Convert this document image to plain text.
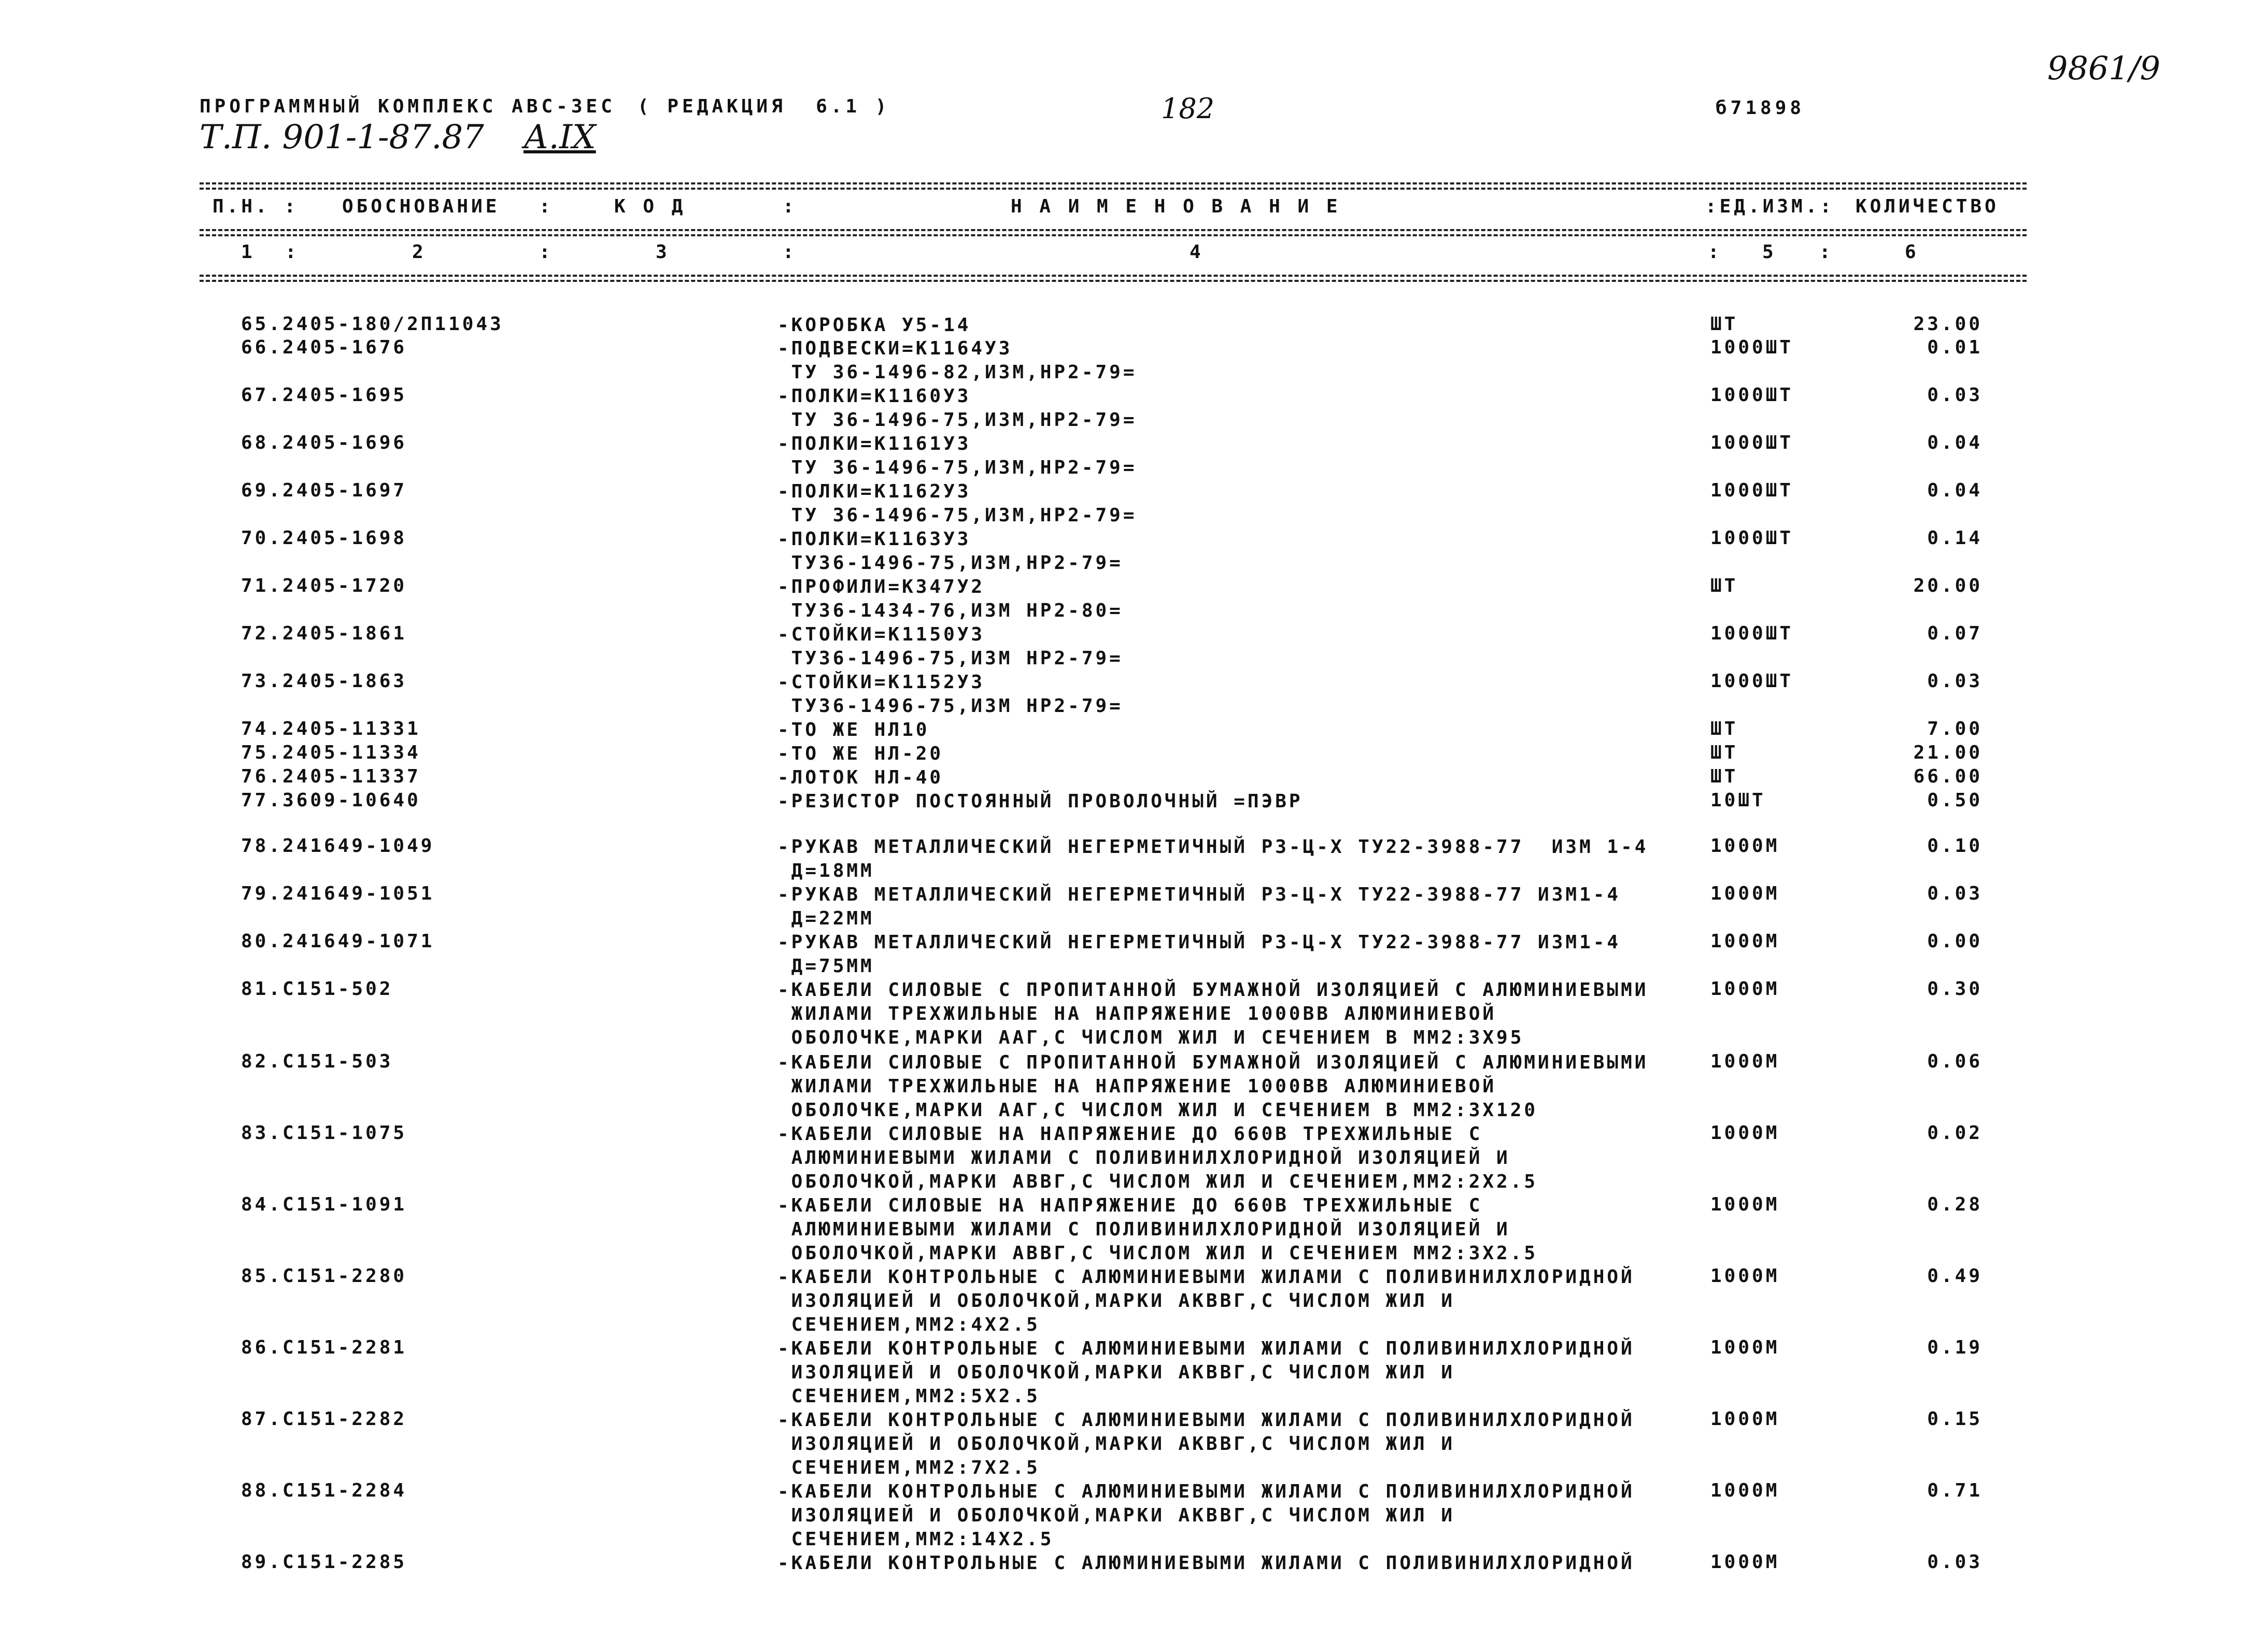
ПРОГРАММНЫЙ КОМПЛЕКС АВС-3ЕС ( РЕДАКЦИЯ  6.1 )	182	б71898
Т.П. 901-1-87.87 А.IX
9861/9
П.Н. : ОБОСНОВАНИЕ :	К О Д	:	Н А И М Е Н О В А Н И Е	:ЕД.ИЗМ.: КОЛИЧЕСТВО
1 :	2	:	3	:	4	: 5 :	6
65.2405-180/2П11043	-КОРОБКА У5-14	ШТ	23.00
66.2405-1676	-ПОДВЕСКИ=К1164У3
ТУ 36-1496-82,ИЗМ,НР2-79=
1000ШТ	0.01
67.2405-1695	-ПОЛКИ=К1160У3
ТУ 36-1496-75,ИЗМ,НР2-79=
1000ШТ	0.03
68.2405-1696	-ПОЛКИ=К1161У3
ТУ 36-1496-75,ИЗМ,НР2-79=
1000ШТ	0.04
69.2405-1697	-ПОЛКИ=К1162У3
ТУ 36-1496-75,ИЗМ,НР2-79=
1000ШТ	0.04
70.2405-1698	-ПОЛКИ=К1163У3
ТУ36-1496-75,ИЗМ,НР2-79=
1000ШТ	0.14
71.2405-1720	-ПРОФИЛИ=К347У2
ТУ36-1434-76,ИЗМ НР2-80=
ШТ	20.00
72.2405-1861	-СТОЙКИ=К1150У3
ТУ36-1496-75,ИЗМ НР2-79=
1000ШТ	0.07
73.2405-1863	-СТОЙКИ=К1152У3
ТУ36-1496-75,ИЗМ НР2-79=
1000ШТ	0.03
74.2405-11331	-ТО ЖЕ НЛ10	ШТ	7.00
75.2405-11334	-ТО ЖЕ НЛ-20	ШТ	21.00
76.2405-11337	-ЛОТОК НЛ-40	ШТ	66.00
77.3609-10640	-РЕЗИСТОР ПОСТОЯННЫЙ ПРОВОЛОЧНЫЙ =ПЭВР	10ШТ	0.50
78.241649-1049	-РУКАВ МЕТАЛЛИЧЕСКИЙ НЕГЕРМЕТИЧНЫЙ РЗ-Ц-Х ТУ22-3988-77  ИЗМ 1-4
Д=18ММ
1000М	0.10
79.241649-1051	-РУКАВ МЕТАЛЛИЧЕСКИЙ НЕГЕРМЕТИЧНЫЙ РЗ-Ц-Х ТУ22-3988-77 ИЗМ1-4
Д=22ММ
1000М	0.03
80.241649-1071	-РУКАВ МЕТАЛЛИЧЕСКИЙ НЕГЕРМЕТИЧНЫЙ РЗ-Ц-Х ТУ22-3988-77 ИЗМ1-4
Д=75ММ
1000М	0.00
81.С151-502	-КАБЕЛИ СИЛОВЫЕ С ПРОПИТАННОЙ БУМАЖНОЙ ИЗОЛЯЦИЕЙ С АЛЮМИНИЕВЫМИ
ЖИЛАМИ ТРЕХЖИЛЬНЫЕ НА НАПРЯЖЕНИЕ 1000ВВ АЛЮМИНИЕВОЙ
ОБОЛОЧКЕ,МАРКИ ААГ,С ЧИСЛОМ ЖИЛ И СЕЧЕНИЕМ В ММ2:3Х95
1000М	0.30
82.С151-503	-КАБЕЛИ СИЛОВЫЕ С ПРОПИТАННОЙ БУМАЖНОЙ ИЗОЛЯЦИЕЙ С АЛЮМИНИЕВЫМИ
ЖИЛАМИ ТРЕХЖИЛЬНЫЕ НА НАПРЯЖЕНИЕ 1000ВВ АЛЮМИНИЕВОЙ
ОБОЛОЧКЕ,МАРКИ ААГ,С ЧИСЛОМ ЖИЛ И СЕЧЕНИЕМ В ММ2:3Х120
1000М	0.06
83.С151-1075	-КАБЕЛИ СИЛОВЫЕ НА НАПРЯЖЕНИЕ ДО 660В ТРЕХЖИЛЬНЫЕ С
АЛЮМИНИЕВЫМИ ЖИЛАМИ С ПОЛИВИНИЛХЛОРИДНОЙ ИЗОЛЯЦИЕЙ И
ОБОЛОЧКОЙ,МАРКИ АВВГ,С ЧИСЛОМ ЖИЛ И СЕЧЕНИЕМ,ММ2:2Х2.5
1000М	0.02
84.С151-1091	-КАБЕЛИ СИЛОВЫЕ НА НАПРЯЖЕНИЕ ДО 660В ТРЕХЖИЛЬНЫЕ С
АЛЮМИНИЕВЫМИ ЖИЛАМИ С ПОЛИВИНИЛХЛОРИДНОЙ ИЗОЛЯЦИЕЙ И
ОБОЛОЧКОЙ,МАРКИ АВВГ,С ЧИСЛОМ ЖИЛ И СЕЧЕНИЕМ ММ2:3Х2.5
1000М	0.28
85.С151-2280	-КАБЕЛИ КОНТРОЛЬНЫЕ С АЛЮМИНИЕВЫМИ ЖИЛАМИ С ПОЛИВИНИЛХЛОРИДНОЙ
ИЗОЛЯЦИЕЙ И ОБОЛОЧКОЙ,МАРКИ АКВВГ,С ЧИСЛОМ ЖИЛ И
СЕЧЕНИЕМ,ММ2:4Х2.5
1000М	0.49
86.С151-2281	-КАБЕЛИ КОНТРОЛЬНЫЕ С АЛЮМИНИЕВЫМИ ЖИЛАМИ С ПОЛИВИНИЛХЛОРИДНОЙ
ИЗОЛЯЦИЕЙ И ОБОЛОЧКОЙ,МАРКИ АКВВГ,С ЧИСЛОМ ЖИЛ И
СЕЧЕНИЕМ,ММ2:5Х2.5
1000М	0.19
87.С151-2282	-КАБЕЛИ КОНТРОЛЬНЫЕ С АЛЮМИНИЕВЫМИ ЖИЛАМИ С ПОЛИВИНИЛХЛОРИДНОЙ
ИЗОЛЯЦИЕЙ И ОБОЛОЧКОЙ,МАРКИ АКВВГ,С ЧИСЛОМ ЖИЛ И
СЕЧЕНИЕМ,ММ2:7Х2.5
1000М	0.15
88.С151-2284	-КАБЕЛИ КОНТРОЛЬНЫЕ С АЛЮМИНИЕВЫМИ ЖИЛАМИ С ПОЛИВИНИЛХЛОРИДНОЙ
ИЗОЛЯЦИЕЙ И ОБОЛОЧКОЙ,МАРКИ АКВВГ,С ЧИСЛОМ ЖИЛ И
СЕЧЕНИЕМ,ММ2:14Х2.5
1000М	0.71
89.С151-2285	-КАБЕЛИ КОНТРОЛЬНЫЕ С АЛЮМИНИЕВЫМИ ЖИЛАМИ С ПОЛИВИНИЛХЛОРИДНОЙ	1000М	0.03
